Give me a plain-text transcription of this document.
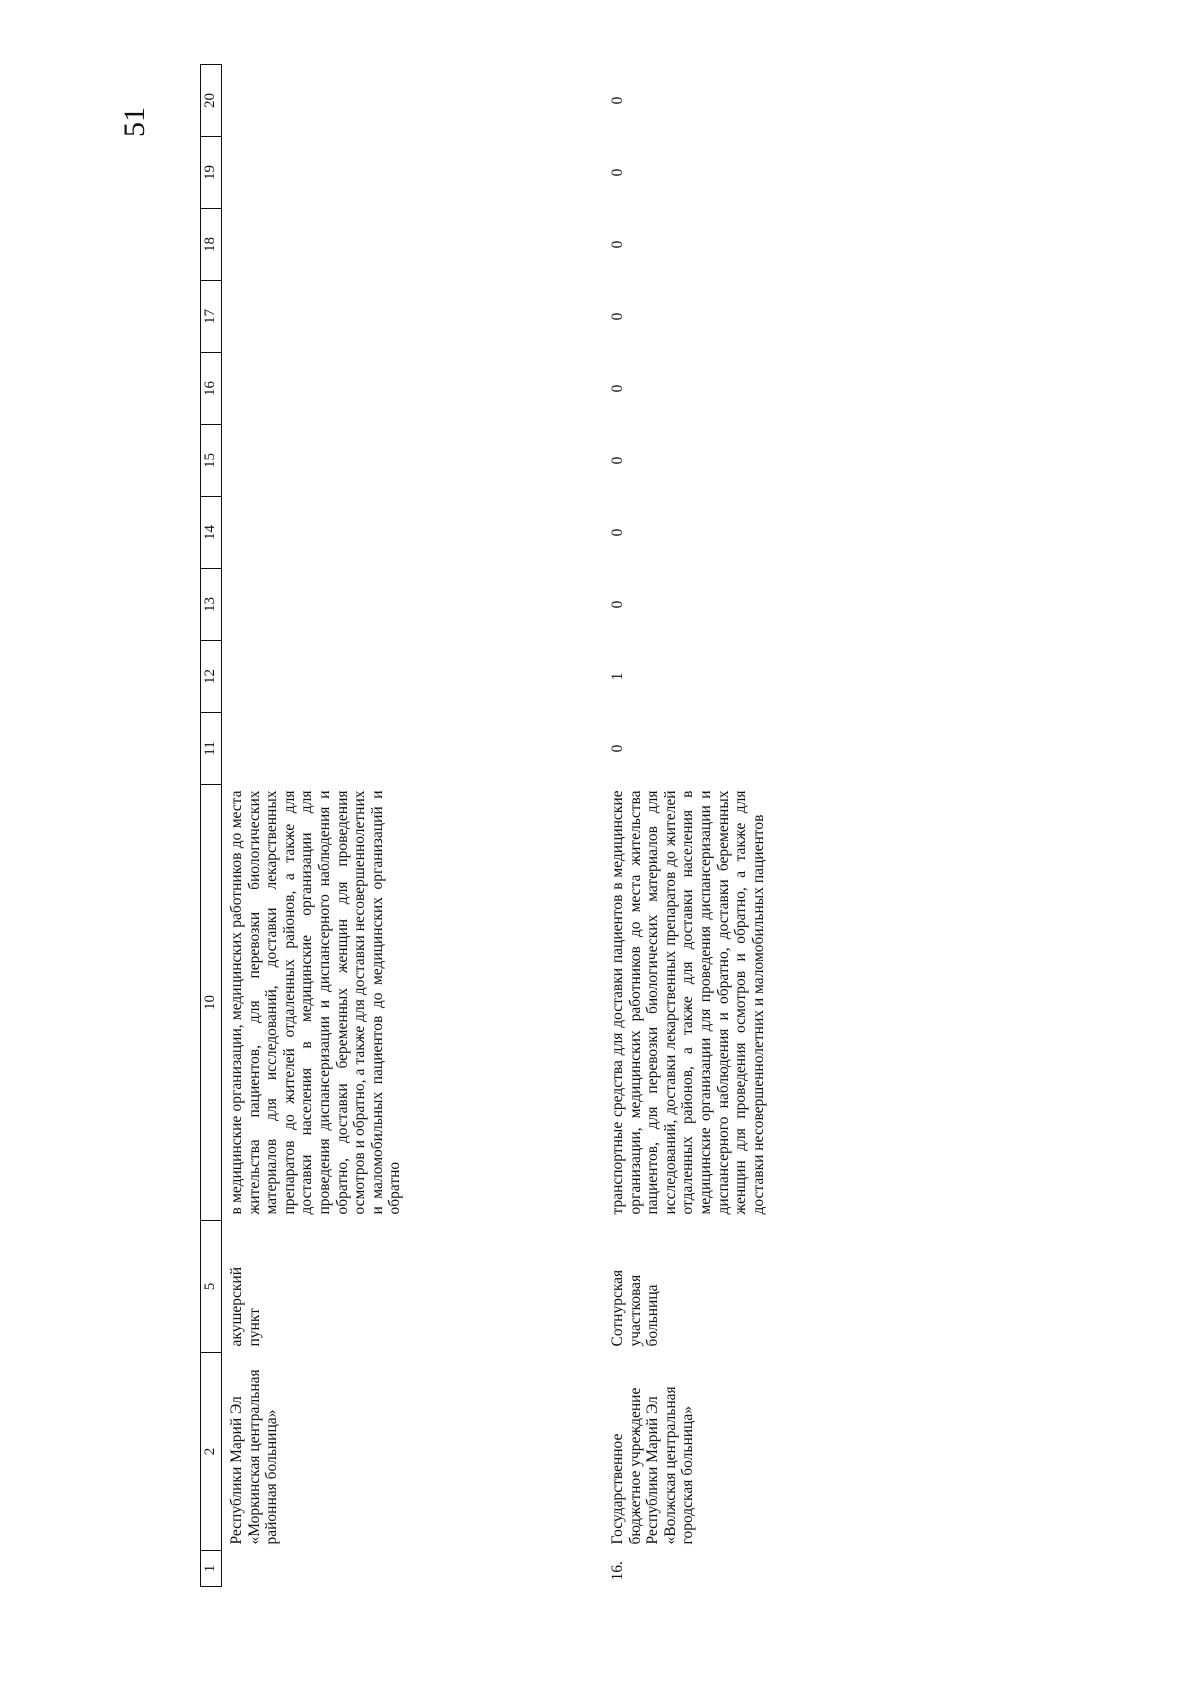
51
1	2	5	10	11	12	13	14	15	16	17	18	19	20
	Республики Марий Эл «Моркинская центральная районная больница»	акушерский пункт	в медицинские организации, медицинских работников до места жительства пациентов, для перевозки биологических материалов для исследований, доставки лекарственных препаратов до жителей отдаленных районов, а также для доставки населения в медицинские организации для проведения диспансеризации и диспансерного наблюдения и обратно, доставки беременных женщин для проведения осмотров и обратно, а также для доставки несовершеннолетних и маломобильных пациентов до медицинских организаций и обратно										
16.	Государственное бюджетное учреждение Республики Марий Эл «Волжская центральная городская больница»	Сотнурская участковая больница	транспортные средства для доставки пациентов в медицинские организации, медицинских работников до места жительства пациентов, для перевозки биологических материалов для исследований, доставки лекарственных препаратов до жителей отдаленных районов, а также для доставки населения в медицинские организации для проведения диспансеризации и диспансерного наблюдения и обратно, доставки беременных женщин для проведения осмотров и обратно, а также для доставки несовершеннолетних и маломобильных пациентов	0	1	0	0	0	0	0	0	0	0
